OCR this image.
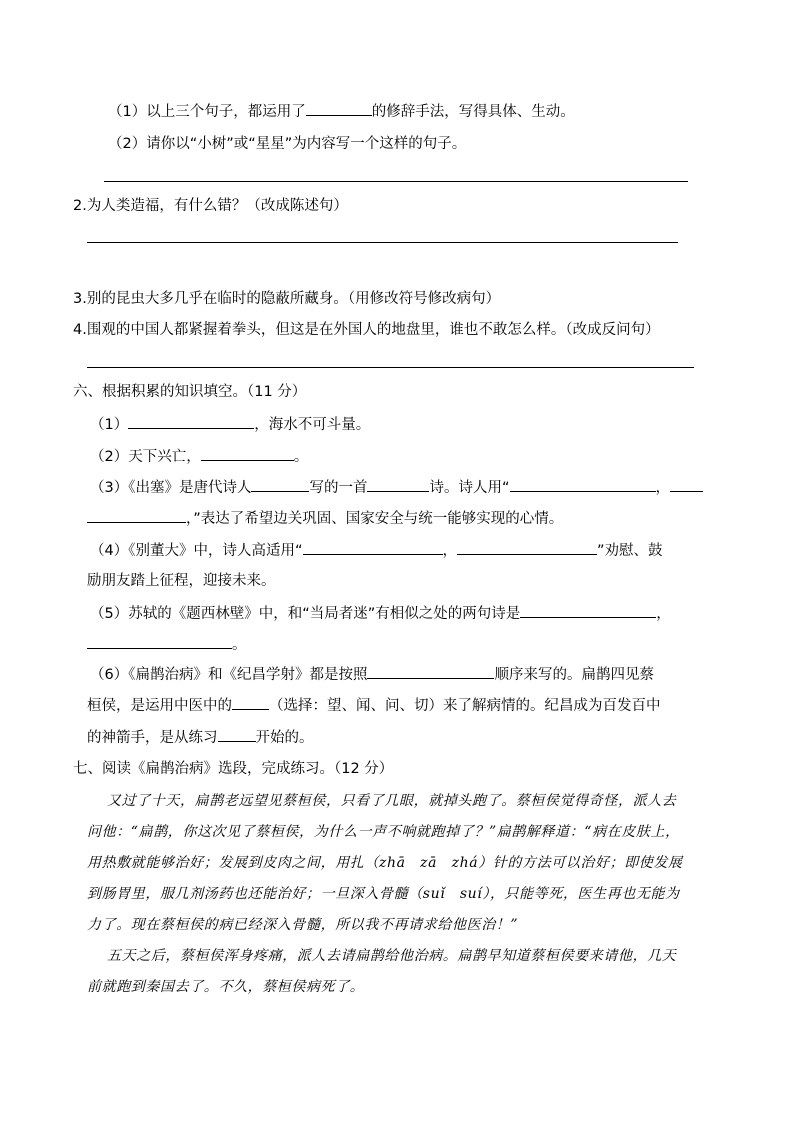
（1）以上三个句子，都运用了	的修辞手法，写得具体、生动。
（2）请你以“小树”或“星星”为内容写一个这样的句子。
2.为人类造福，有什么错？（改成陈述句）
3.别的昆虫大多几乎在临时的隐蔽所藏身。（用修改符号修改病句）
4.围观的中国人都紧握着拳头，但这是在外国人的地盘里，谁也不敢怎么样。（改成反问句）
六、根据积累的知识填空。（11 分）
（1）	，海水不可斗量。
（2）天下兴亡，	。
（3）《出塞》是唐代诗人	写的一首	诗。诗人用“	，
，”表达了希望边关巩固、国家安全与统一能够实现的心情。
（4）《别董大》中，诗人高适用“	，	”劝慰、鼓
励朋友踏上征程，迎接未来。
（5）苏轼的《题西林壁》中，和“当局者迷”有相似之处的两句诗是	，
。
（6）《扁鹊治病》和《纪昌学射》都是按照	顺序来写的。扁鹊四见蔡
桓侯，是运用中医中的	（选择：望、闻、问、切）来了解病情的。纪昌成为百发百中
的神箭手，是从练习	开始的。
七、阅读《扁鹊治病》选段，完成练习。（12 分）
又过了十天，扁鹊老远望见蔡桓侯，只看了几眼，就掉头跑了。蔡桓侯觉得奇怪，派人去
问他：“扁鹊，你这次见了蔡桓侯，为什么一声不响就跑掉了？”扁鹊解释道：“病在皮肤上，
用热敷就能够治好；发展到皮肉之间，用扎（zhā　zā　zhá）针的方法可以治好；即使发展
到肠胃里，服几剂汤药也还能治好；一旦深入骨髓（suǐ　suí），只能等死，医生再也无能为
力了。现在蔡桓侯的病已经深入骨髓，所以我不再请求给他医治！”
五天之后，蔡桓侯浑身疼痛，派人去请扁鹊给他治病。扁鹊早知道蔡桓侯要来请他，几天
前就跑到秦国去了。不久，蔡桓侯病死了。
